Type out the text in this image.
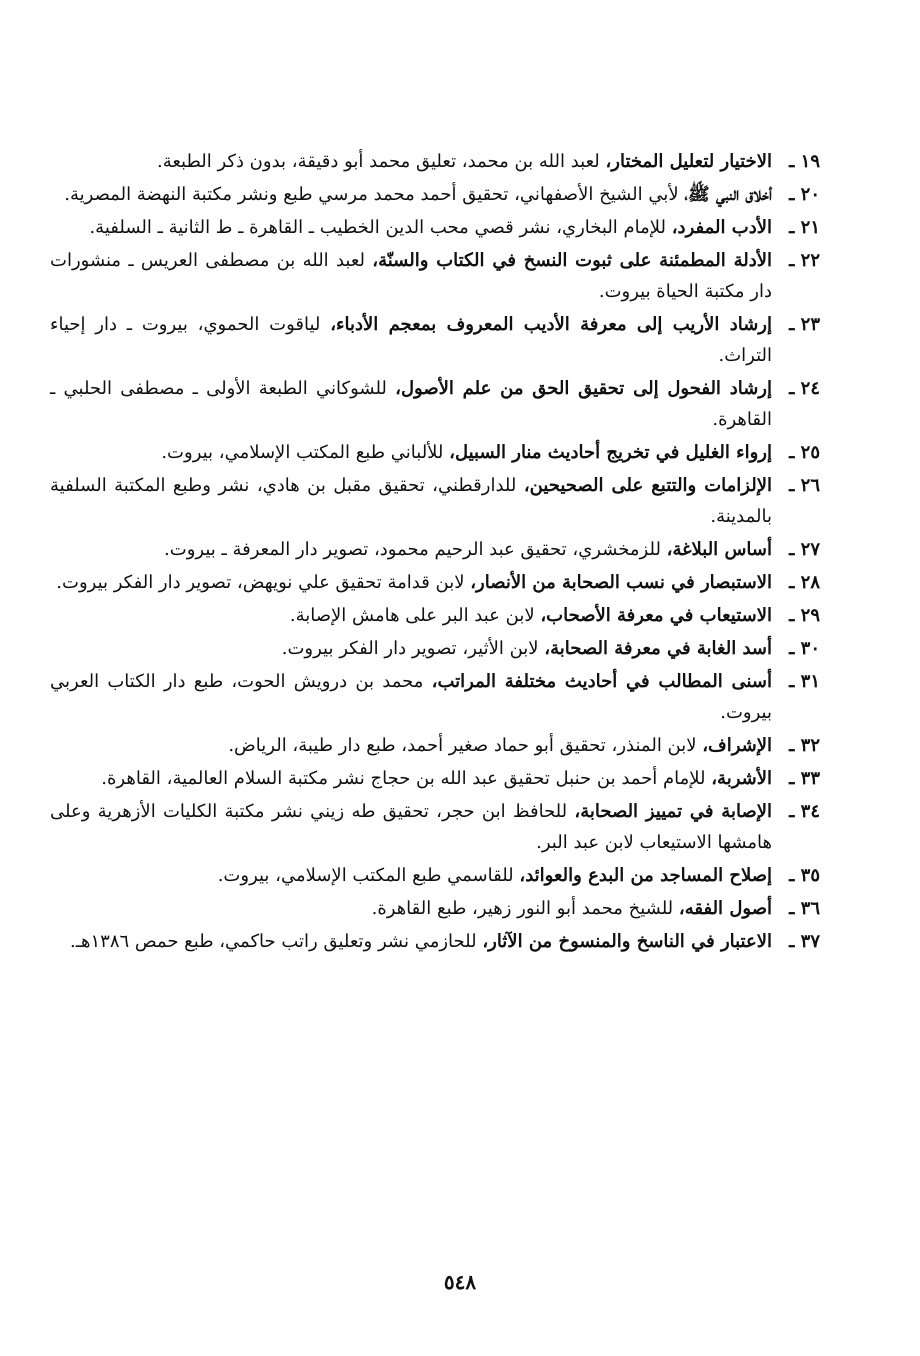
١٩ ـ
الاختيار لتعليل المختار، لعبد الله بن محمد، تعليق محمد أبو دقيقة، بدون ذكر الطبعة.
٢٠ ـ
أخلاق النبي ﷺ، لأبي الشيخ الأصفهاني، تحقيق أحمد محمد مرسي طبع ونشر مكتبة النهضة المصرية.
٢١ ـ
الأدب المفرد، للإمام البخاري، نشر قصي محب الدين الخطيب ـ القاهرة ـ ط الثانية ـ السلفية.
٢٢ ـ
الأدلة المطمئنة على ثبوت النسخ في الكتاب والسنّة، لعبد الله بن مصطفى العريس ـ منشورات دار مكتبة الحياة بيروت.
٢٣ ـ
إرشاد الأريب إلى معرفة الأديب المعروف بمعجم الأدباء، لياقوت الحموي، بيروت ـ دار إحياء التراث.
٢٤ ـ
إرشاد الفحول إلى تحقيق الحق من علم الأصول، للشوكاني الطبعة الأولى ـ مصطفى الحلبي ـ القاهرة.
٢٥ ـ
إرواء الغليل في تخريج أحاديث منار السبيل، للألباني طبع المكتب الإسلامي، بيروت.
٢٦ ـ
الإلزامات والتتبع على الصحيحين، للدارقطني، تحقيق مقبل بن هادي، نشر وطبع المكتبة السلفية بالمدينة.
٢٧ ـ
أساس البلاغة، للزمخشري، تحقيق عبد الرحيم محمود، تصوير دار المعرفة ـ بيروت.
٢٨ ـ
الاستبصار في نسب الصحابة من الأنصار، لابن قدامة تحقيق علي نويهض، تصوير دار الفكر بيروت.
٢٩ ـ
الاستيعاب في معرفة الأصحاب، لابن عبد البر على هامش الإصابة.
٣٠ ـ
أسد الغابة في معرفة الصحابة، لابن الأثير، تصوير دار الفكر بيروت.
٣١ ـ
أسنى المطالب في أحاديث مختلفة المراتب، محمد بن درويش الحوت، طبع دار الكتاب العربي بيروت.
٣٢ ـ
الإشراف، لابن المنذر، تحقيق أبو حماد صغير أحمد، طبع دار طيبة، الرياض.
٣٣ ـ
الأشربة، للإمام أحمد بن حنبل تحقيق عبد الله بن حجاج نشر مكتبة السلام العالمية، القاهرة.
٣٤ ـ
الإصابة في تمييز الصحابة، للحافظ ابن حجر، تحقيق طه زيني نشر مكتبة الكليات الأزهرية وعلى هامشها الاستيعاب لابن عبد البر.
٣٥ ـ
إصلاح المساجد من البدع والعوائد، للقاسمي طبع المكتب الإسلامي، بيروت.
٣٦ ـ
أصول الفقه، للشيخ محمد أبو النور زهير، طبع القاهرة.
٣٧ ـ
الاعتبار في الناسخ والمنسوخ من الآثار، للحازمي نشر وتعليق راتب حاكمي، طبع حمص ١٣٨٦هـ.
٥٤٨
